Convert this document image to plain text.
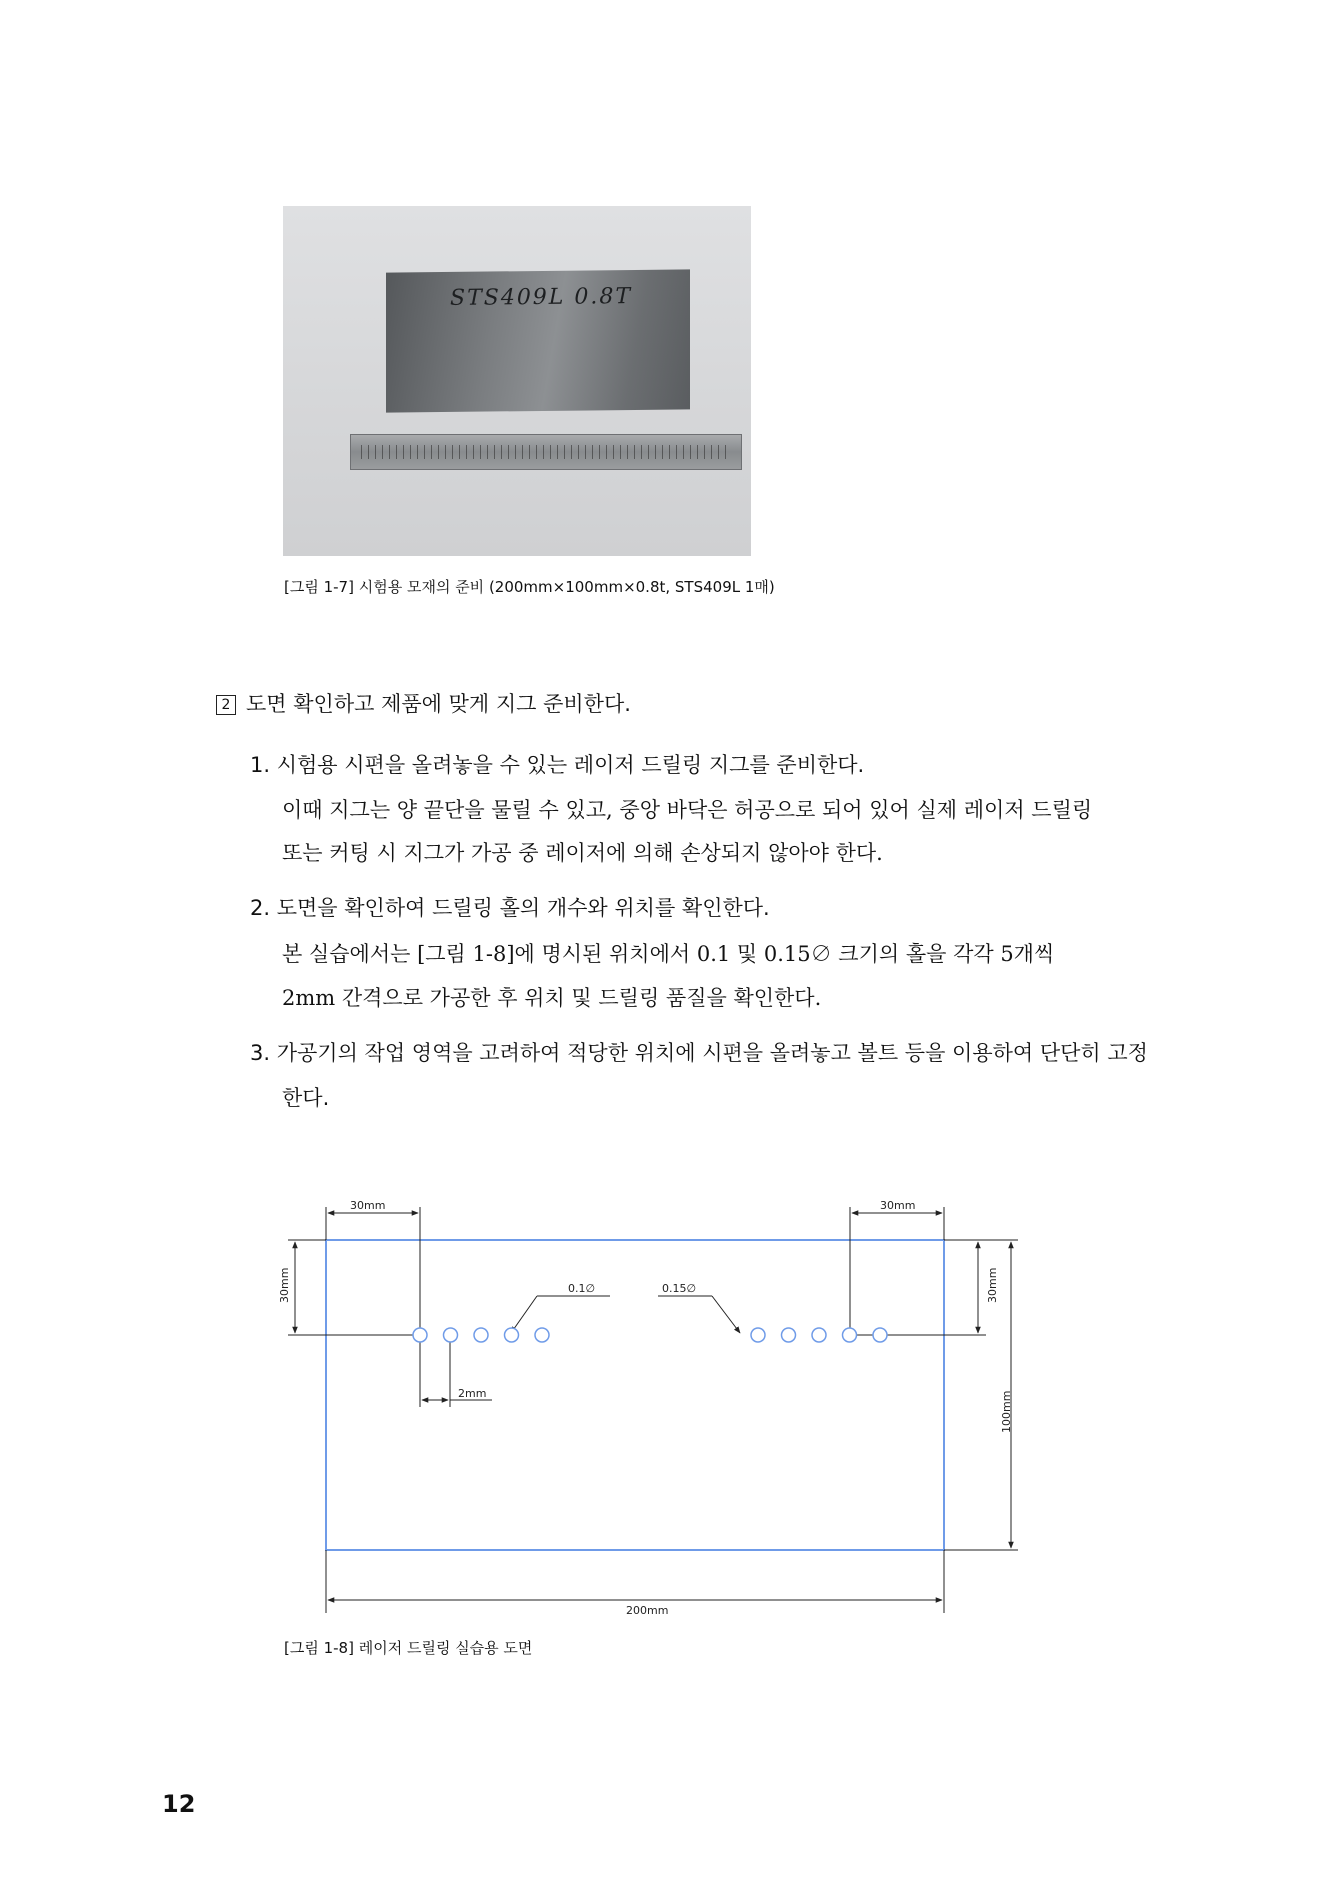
STS409L 0.8T
[그림 1-7] 시험용 모재의 준비 (200mm×100mm×0.8t, STS409L 1매)
2 도면 확인하고 제품에 맞게 지그 준비한다.
1. 시험용 시편을 올려놓을 수 있는 레이저 드릴링 지그를 준비한다.
이때 지그는 양 끝단을 물릴 수 있고, 중앙 바닥은 허공으로 되어 있어 실제 레이저 드릴링
또는 커팅 시 지그가 가공 중 레이저에 의해 손상되지 않아야 한다.
2. 도면을 확인하여 드릴링 홀의 개수와 위치를 확인한다.
본 실습에서는 [그림 1-8]에 명시된 위치에서 0.1 및 0.15∅ 크기의 홀을 각각 5개씩
2mm 간격으로 가공한 후 위치 및 드릴링 품질을 확인한다.
3. 가공기의 작업 영역을 고려하여 적당한 위치에 시편을 올려놓고 볼트 등을 이용하여 단단히 고정
한다.
30mm	30mm
30mm	30mm
100mm
200mm
2mm
0.1∅	0.15∅
[그림 1-8] 레이저 드릴링 실습용 도면
12
